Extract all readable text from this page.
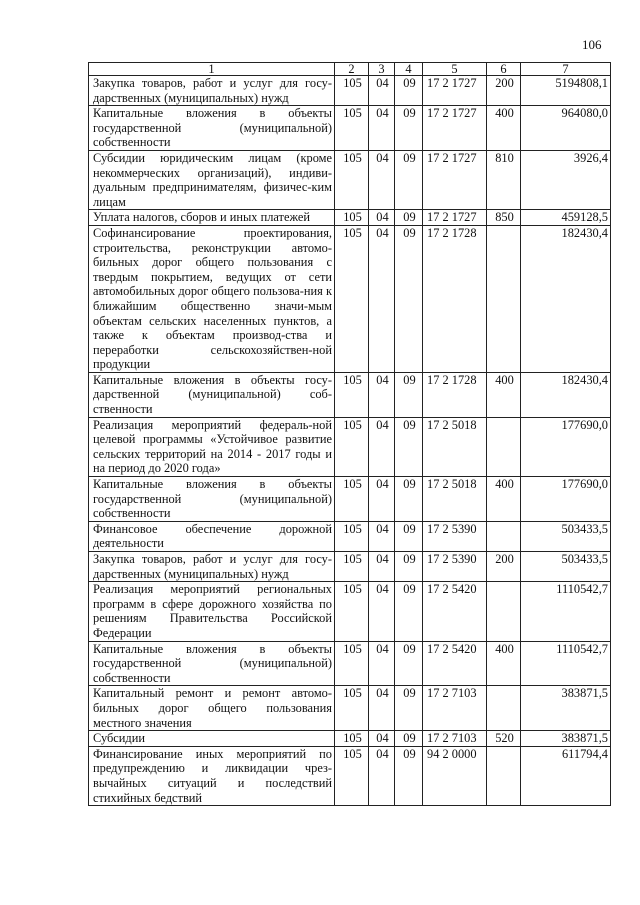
106
1	2	3	4	5	6	7
Закупка товаров, работ и услуг для госу-дарственных (муниципальных) нужд	105	04	09	17 2 1727	200	5194808,1
Капитальные вложения в объекты государственной (муниципальной) собственности	105	04	09	17 2 1727	400	964080,0
Субсидии юридическим лицам (кроме некоммерческих организаций), индиви-дуальным предпринимателям, физичес-ким лицам	105	04	09	17 2 1727	810	3926,4
Уплата налогов, сборов и иных платежей	105	04	09	17 2 1727	850	459128,5
Софинансирование проектирования, строительства, реконструкции автомо-бильных дорог общего пользования с твердым покрытием, ведущих от сети автомобильных дорог общего пользова-ния к ближайшим общественно значи-мым объектам сельских населенных пунктов, а также к объектам производ-ства и переработки сельскохозяйствен-ной продукции	105	04	09	17 2 1728		182430,4
Капитальные вложения в объекты госу-дарственной (муниципальной) соб-ственности	105	04	09	17 2 1728	400	182430,4
Реализация мероприятий федераль-ной целевой программы «Устойчивое развитие сельских территорий на 2014 - 2017 годы и на период до 2020 года»	105	04	09	17 2 5018		177690,0
Капитальные вложения в объекты государственной (муниципальной) собственности	105	04	09	17 2 5018	400	177690,0
Финансовое обеспечение дорожной деятельности	105	04	09	17 2 5390		503433,5
Закупка товаров, работ и услуг для госу-дарственных (муниципальных) нужд	105	04	09	17 2 5390	200	503433,5
Реализация мероприятий региональных программ в сфере дорожного хозяйства по решениям Правительства Российской Федерации	105	04	09	17 2 5420		1110542,7
Капитальные вложения в объекты государственной (муниципальной) собственности	105	04	09	17 2 5420	400	1110542,7
Капитальный ремонт и ремонт автомо-бильных дорог общего пользования местного значения	105	04	09	17 2 7103		383871,5
Субсидии	105	04	09	17 2 7103	520	383871,5
Финансирование иных мероприятий по предупреждению и ликвидации чрез-вычайных ситуаций и последствий стихийных бедствий	105	04	09	94 2 0000		611794,4
